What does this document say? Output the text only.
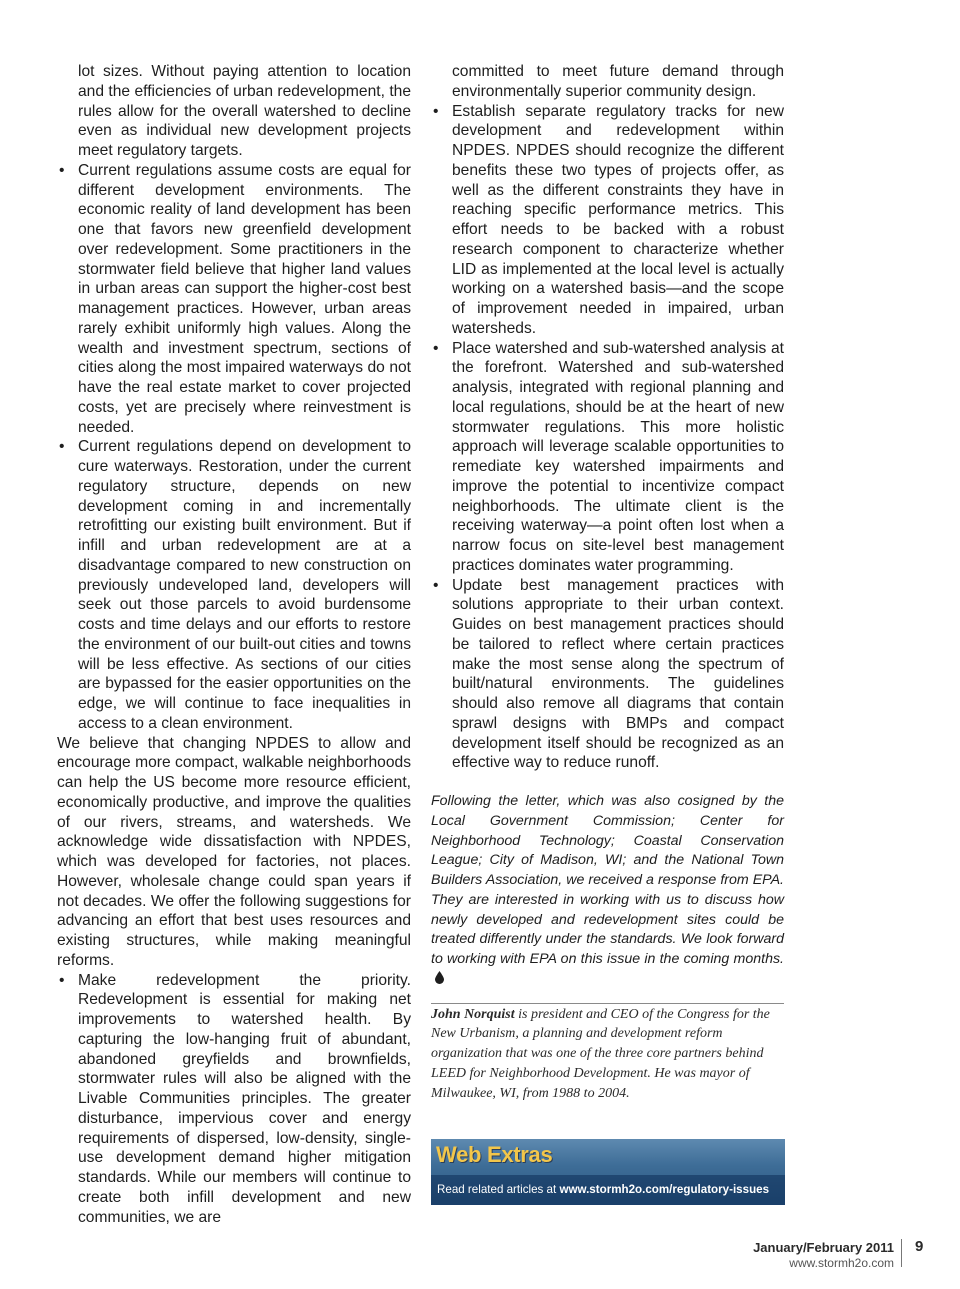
lot sizes. Without paying attention to location and the efficiencies of urban redevelopment, the rules allow for the overall watershed to decline even as individual new development projects meet regulatory targets.

• Current regulations assume costs are equal for different development environments. The economic reality of land development has been one that favors new greenfield development over redevelopment. Some practitioners in the stormwater field believe that higher land values in urban areas can support the higher-cost best management practices. However, urban areas rarely exhibit uniformly high values. Along the wealth and investment spectrum, sections of cities along the most impaired waterways do not have the real estate market to cover projected costs, yet are precisely where reinvestment is needed.
• Current regulations depend on development to cure waterways. Restoration, under the current regulatory structure, depends on new development coming in and incrementally retrofitting our existing built environment. But if infill and urban redevelopment are at a disadvantage compared to new construction on previously undeveloped land, developers will seek out those parcels to avoid burdensome costs and time delays and our efforts to restore the environment of our built-out cities and towns will be less effective. As sections of our cities are bypassed for the easier opportunities on the edge, we will continue to face inequalities in access to a clean environment.

We believe that changing NPDES to allow and encourage more compact, walkable neighborhoods can help the US become more resource efficient, economically productive, and improve the qualities of our rivers, streams, and watersheds. We acknowledge wide dissatisfaction with NPDES, which was developed for factories, not places. However, wholesale change could span years if not decades. We offer the following suggestions for advancing an effort that best uses resources and existing structures, while making meaningful reforms.

• Make redevelopment the priority. Redevelopment is essential for making net improvements to watershed health. By capturing the low-hanging fruit of abundant, abandoned greyfields and brownfields, stormwater rules will also be aligned with the Livable Communities principles. The greater disturbance, impervious cover and energy requirements of dispersed, low-density, single-use development demand higher mitigation standards. While our members will continue to create both infill development and new communities, we are

committed to meet future demand through environmentally superior community design.

• Establish separate regulatory tracks for new development and redevelopment within NPDES. NPDES should recognize the different benefits these two types of projects offer, as well as the different constraints they have in reaching specific performance metrics. This effort needs to be backed with a robust research component to characterize whether LID as implemented at the local level is actually working on a watershed basis—and the scope of improvement needed in impaired, urban watersheds.
• Place watershed and sub-watershed analysis at the forefront. Watershed and sub-watershed analysis, integrated with regional planning and local regulations, should be at the heart of new stormwater regulations. This more holistic approach will leverage scalable opportunities to remediate key watershed impairments and improve the potential to incentivize compact neighborhoods. The ultimate client is the receiving waterway—a point often lost when a narrow focus on site-level best management practices dominates water programming.
• Update best management practices with solutions appropriate to their urban context. Guides on best management practices should be tailored to reflect where certain practices make the most sense along the spectrum of built/natural environments. The guidelines should also remove all diagrams that contain sprawl designs with BMPs and compact development itself should be recognized as an effective way to reduce runoff.

Following the letter, which was also cosigned by the Local Government Commission; Center for Neighborhood Technology; Coastal Conservation League; City of Madison, WI; and the National Town Builders Association, we received a response from EPA. They are interested in working with us to discuss how newly developed and redevelopment sites could be treated differently under the standards. We look forward to working with EPA on this issue in the coming months.

John Norquist is president and CEO of the Congress for the New Urbanism, a planning and development reform organization that was one of the three core partners behind LEED for Neighborhood Development. He was mayor of Milwaukee, WI, from 1988 to 2004.

Web Extras
Read related articles at www.stormh2o.com/regulatory-issues
January/February 2011
www.stormh2o.com
9
